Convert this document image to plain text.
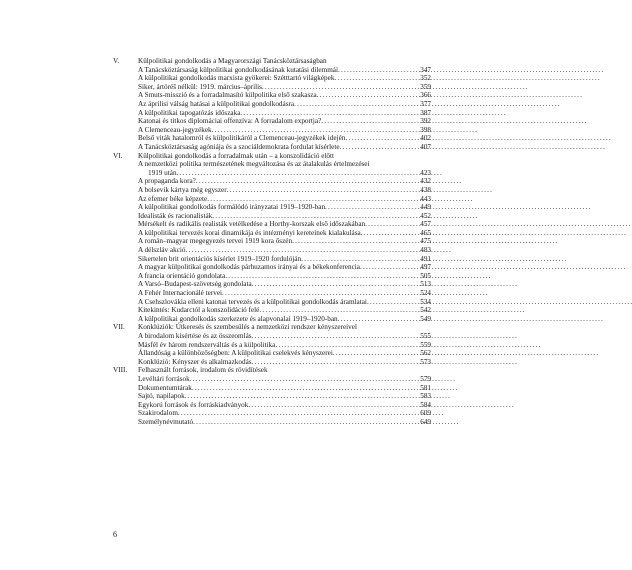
V.	Külpolitikai gondolkodás a Magyarországi Tanácsköztársaságban
A Tanácsköztársaság külpolitikai gondolkodásának kutatási dilemmái . . .	347
A külpolitikai gondolkodás marxista gyökerei: Szétttartó világképek . . .	352
Siker, ártöréš nélkül: 1919. március–április . . .	359
A Smuts-misszió és a forradalmasító külpolitika első szakasza . . .	366
Az áprilisi válság hatásai a külpolitikai gondolkodásra . . .	377
A külpolitikai tapogatózás időszaka . . .	387
Katonai és titkos diplomáciai offenzíva: A forradalom exportja? . . .	392
A Clemenceau-jegyzékek . . .	398
Belső viták hatalomról és külpolitikáról a Clemenceau-jegyzékek idején . . .	402
A Tanácsköztársaság agóniája és a szociáldemokrata fordulat kísérlete . . .	407
VI.	Külpolitikai gondolkodás a forradalmak után – a konszolidáció előtt
A nemzetközi politika természetének megváltozása és az átalakulás értelmezései
1919 után . . .	423
A propaganda kora? . . .	432
A bolsevik kártya még egyszer . . .	438
Az efemer béke képzete . . .	443
A külpolitikai gondolkodás formálódó irányzatai 1919–1920-ban . . .	449
Idealisták és racionalisták . . .	452
Mérsékelt és radikális realisták vetélkedése a Horthy-korszak első időszakában . . .	457
A külpolitikai tervezés korai dinamikája és intézményi kereteinek kialakulása . . .	465
A román–magyar megegyezés tervei 1919 kora őszén . . .	475
A délszláv akció . . .	483
Sikertelen brit orientációs kísérlet 1919–1920 fordulóján . . .	491
A magyar külpolitikai gondolkodás párhuzamos irányai és a békekonferencia . . .	497
A francia orientáció gondolata . . .	505
A Varsó–Budapest-szövetség gondolata . . .	513
A Fehér Internacionálé tervei . . .	524
A Csehszlovákia elleni katonai tervezés és a külpolitikai gondolkodás áramlatai . . .	534
Kitekintés: Kudarctól a konszolidáció felé . . .	542
A külpolitikai gondolkodás szerkezete és alapvonalai 1919–1920-ban . . .	549
VII.	Konklúziók: Útkeresés és szembesülés a nemzetközi rendszer kényszereivel
A birodalom kísértése és az összeomlás . . .	555
Másfél év három rendszerváltás és a külpolitika . . .	559
Állandóság a különbözőségben: A külpolitikai cselekvés kényszerei . . .	562
Konklúzió: Kényszer és alkalmazkodás . . .	573
VIII.	Felhasznált források, irodalom és rövidítések
Levéltári források . . .	579
Dokumentumtárak . . .	581
Sajtó, napilapok . . .	583
Egykorú források és forráskiadványok . . .	584
Szakirodalom . . .	609
Személynévmutató . . .	649
6
